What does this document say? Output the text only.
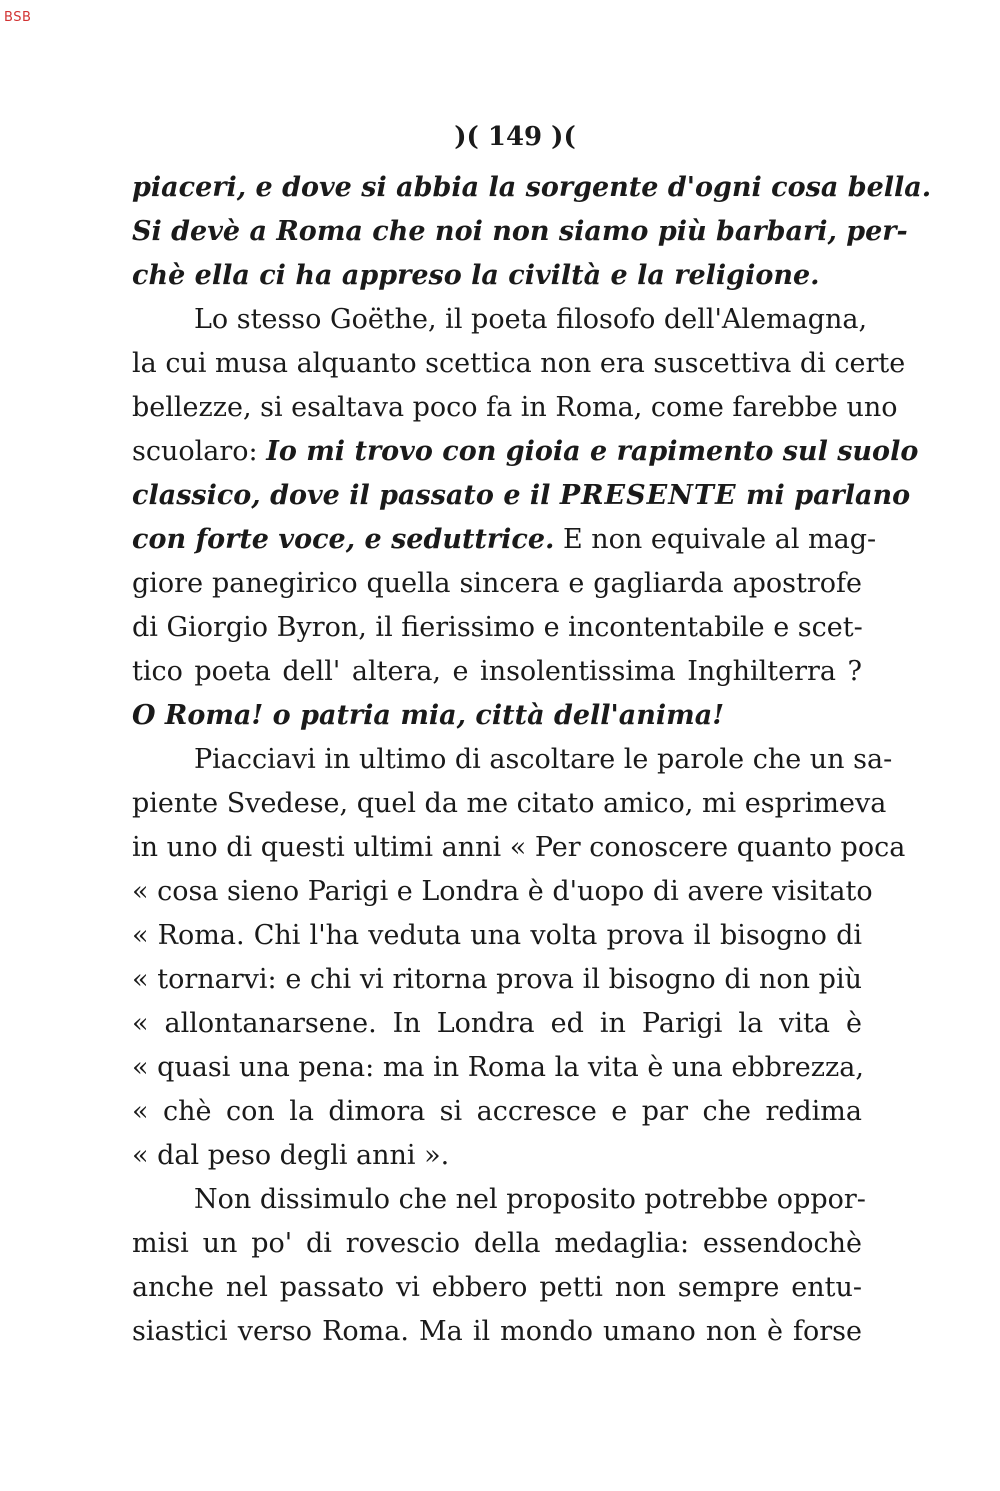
BSB
)( 149 )(
piaceri, e dove si abbia la sorgente d'ogni cosa bella.
Si devè a Roma che noi non siamo più barbari, per-
chè ella ci ha appreso la civiltà e la religione.
Lo stesso Goëthe, il poeta filosofo dell'Alemagna,
la cui musa alquanto scettica non era suscettiva di certe
bellezze, si esaltava poco fa in Roma, come farebbe uno
scuolaro: Io mi trovo con gioia e rapimento sul suolo
classico, dove il passato e il PRESENTE mi parlano
con forte voce, e seduttrice. E non equivale al mag-
giore panegirico quella sincera e gagliarda apostrofe
di Giorgio Byron, il fierissimo e incontentabile e scet-
tico poeta dell' altera, e insolentissima Inghilterra ?
O Roma! o patria mia, città dell'anima!
Piacciavi in ultimo di ascoltare le parole che un sa-
piente Svedese, quel da me citato amico, mi esprimeva
in uno di questi ultimi anni « Per conoscere quanto poca
« cosa sieno Parigi e Londra è d'uopo di avere visitato
« Roma. Chi l'ha veduta una volta prova il bisogno di
« tornarvi: e chi vi ritorna prova il bisogno di non più
« allontanarsene. In Londra ed in Parigi la vita è
« quasi una pena: ma in Roma la vita è una ebbrezza,
« chè con la dimora si accresce e par che redima
« dal peso degli anni ».
Non dissimulo che nel proposito potrebbe oppor-
misi un po' di rovescio della medaglia: essendochè
anche nel passato vi ebbero petti non sempre entu-
siastici verso Roma. Ma il mondo umano non è forse
